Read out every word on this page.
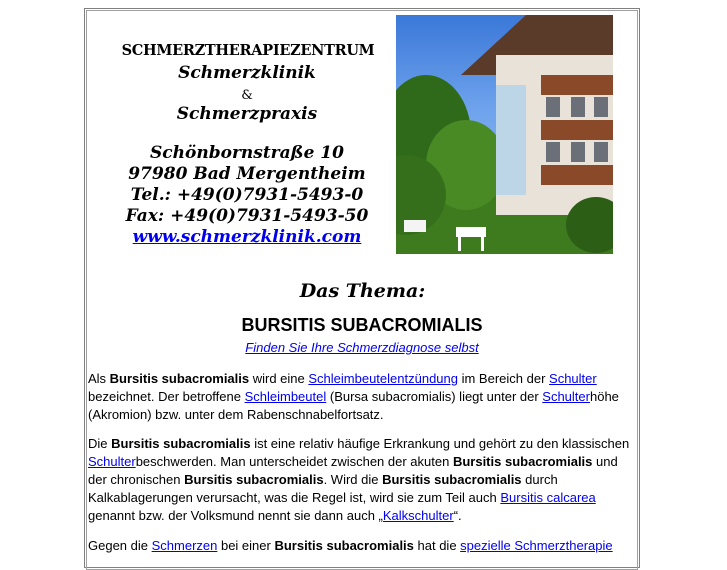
SCHMERZTHERAPIEZENTRUM
Schmerzklinik
&
Schmerzpraxis
Schönbornstraße 10
97980 Bad Mergentheim
Tel.: +49(0)7931-5493-0
Fax: +49(0)7931-5493-50
www.schmerzklinik.com
Das Thema:
BURSITIS SUBACROMIALIS
Finden Sie Ihre Schmerzdiagnose selbst
Als Bursitis subacromialis wird eine Schleimbeutelentzündung im Bereich der Schulter bezeichnet. Der betroffene Schleimbeutel (Bursa subacromialis) liegt unter der Schulterhöhe (Akromion) bzw. unter dem Rabenschnabelfortsatz.
Die Bursitis subacromialis ist eine relativ häufige Erkrankung und gehört zu den klassischen Schulterbeschwerden. Man unterscheidet zwischen der akuten Bursitis subacromialis und der chronischen Bursitis subacromialis. Wird die Bursitis subacromialis durch Kalkablagerungen verursacht, was die Regel ist, wird sie zum Teil auch Bursitis calcarea genannt bzw. der Volksmund nennt sie dann auch „Kalkschulter“.
Gegen die Schmerzen bei einer Bursitis subacromialis hat die spezielle Schmerztherapie
